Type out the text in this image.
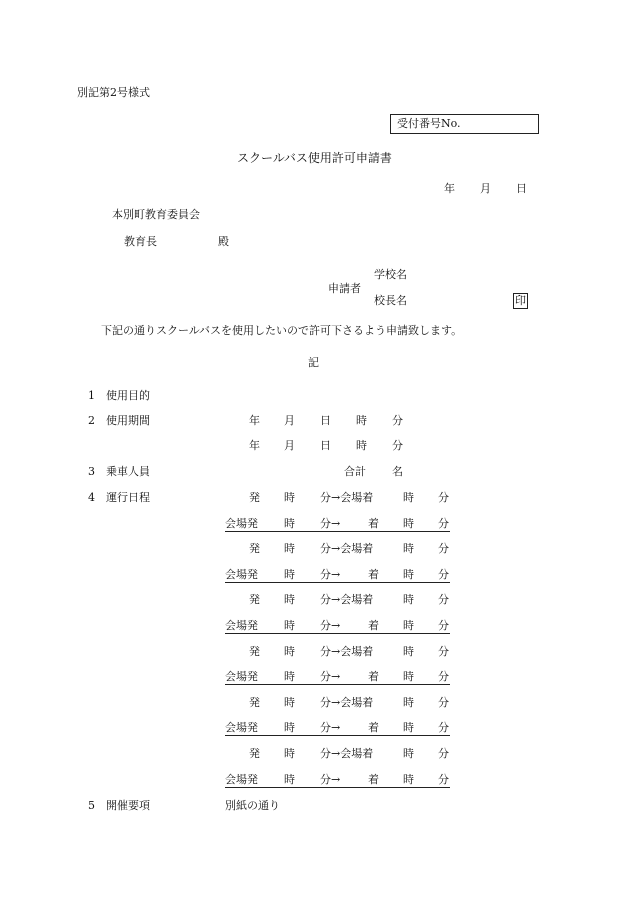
別記第2号様式
受付番号No.
スクールバス使用許可申請書
年 月 日
本別町教育委員会
教育長	殿
学校名
申請者
校長名	印
下記の通りスクールバスを使用したいので許可下さるよう申請致します。
記
1 使用目的
2 使用期間	年 月 日 時 分
年 月 日 時 分
3 乗車人員	合計 名
4 運行日程	発 時 分→会場着	時 分
会場発 時 分→	着 時 分
発 時 分→会場着	時 分
会場発 時 分→	着 時 分
発 時 分→会場着	時 分
会場発 時 分→	着 時 分
発 時 分→会場着	時 分
会場発 時 分→	着 時 分
発 時 分→会場着	時 分
会場発 時 分→	着 時 分
発 時 分→会場着	時 分
会場発 時 分→	着 時 分
5 開催要項	別紙の通り
